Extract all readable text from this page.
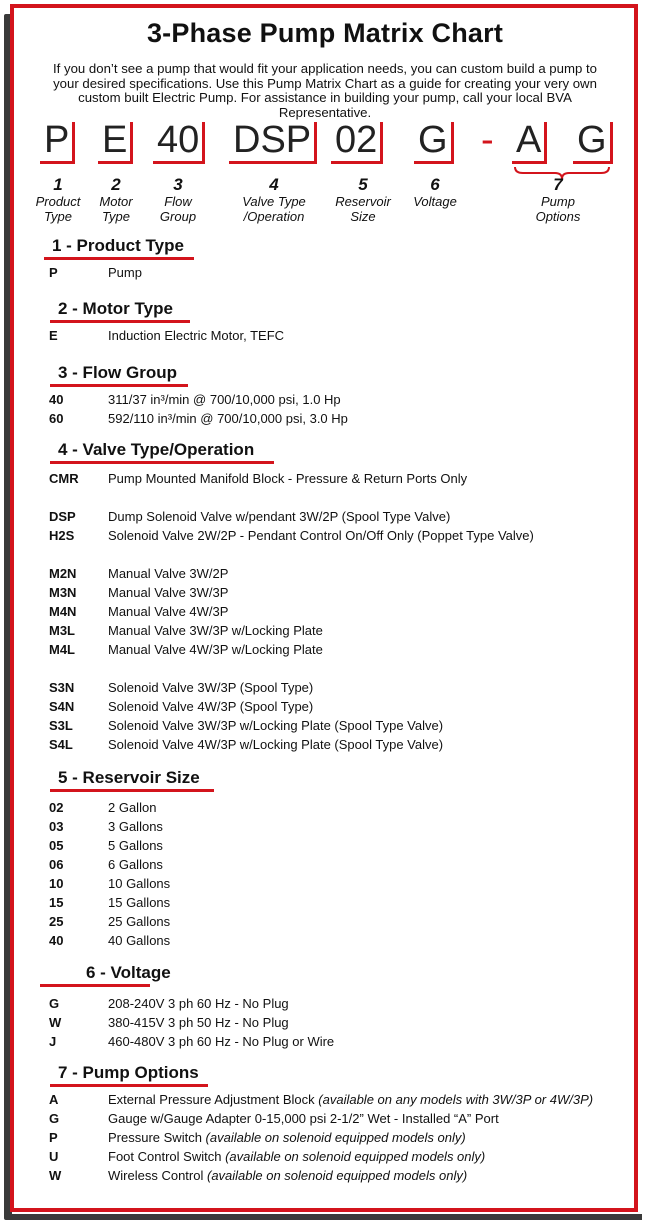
3-Phase Pump Matrix Chart
If you don’t see a pump that would fit your application needs, you can custom build a pump to your desired specifications. Use this Pump Matrix Chart as a guide for creating your very own custom built Electric Pump. For assistance in building your pump, call your local BVA Representative.
P E 40 DSP 02 G - A G
1
Product Type
2
Motor Type
3
Flow Group
4
Valve Type /Operation
5
Reservoir Size
6
Voltage
7
Pump Options
1 - Product Type
P	Pump
2 - Motor Type
E	Induction Electric Motor, TEFC
3 - Flow Group
40	311/37 in³/min @ 700/10,000 psi, 1.0 Hp
60	592/110 in³/min @ 700/10,000 psi, 3.0 Hp
4 - Valve Type/Operation
CMR	Pump Mounted Manifold Block - Pressure & Return Ports Only
DSP	Dump Solenoid Valve w/pendant 3W/2P (Spool Type Valve)
H2S	Solenoid Valve 2W/2P - Pendant Control On/Off Only (Poppet Type Valve)
M2N	Manual Valve 3W/2P
M3N	Manual Valve 3W/3P
M4N	Manual Valve 4W/3P
M3L	Manual Valve 3W/3P w/Locking Plate
M4L	Manual Valve 4W/3P w/Locking Plate
S3N	Solenoid Valve 3W/3P (Spool Type)
S4N	Solenoid Valve 4W/3P (Spool Type)
S3L	Solenoid Valve 3W/3P w/Locking Plate (Spool Type Valve)
S4L	Solenoid Valve 4W/3P w/Locking Plate (Spool Type Valve)
5 - Reservoir Size
02	2 Gallon
03	3 Gallons
05	5 Gallons
06	6 Gallons
10	10 Gallons
15	15 Gallons
25	25 Gallons
40	40 Gallons
6 - Voltage
G	208-240V 3 ph 60 Hz - No Plug
W	380-415V 3 ph 50 Hz - No Plug
J	460-480V 3 ph 60 Hz - No Plug or Wire
7 - Pump Options
A	External Pressure Adjustment Block (available on any models with 3W/3P or 4W/3P)
G	Gauge w/Gauge Adapter 0-15,000 psi 2-1/2” Wet - Installed “A” Port
P	Pressure Switch (available on solenoid equipped models only)
U	Foot Control Switch (available on solenoid equipped models only)
W	Wireless Control (available on solenoid equipped models only)
